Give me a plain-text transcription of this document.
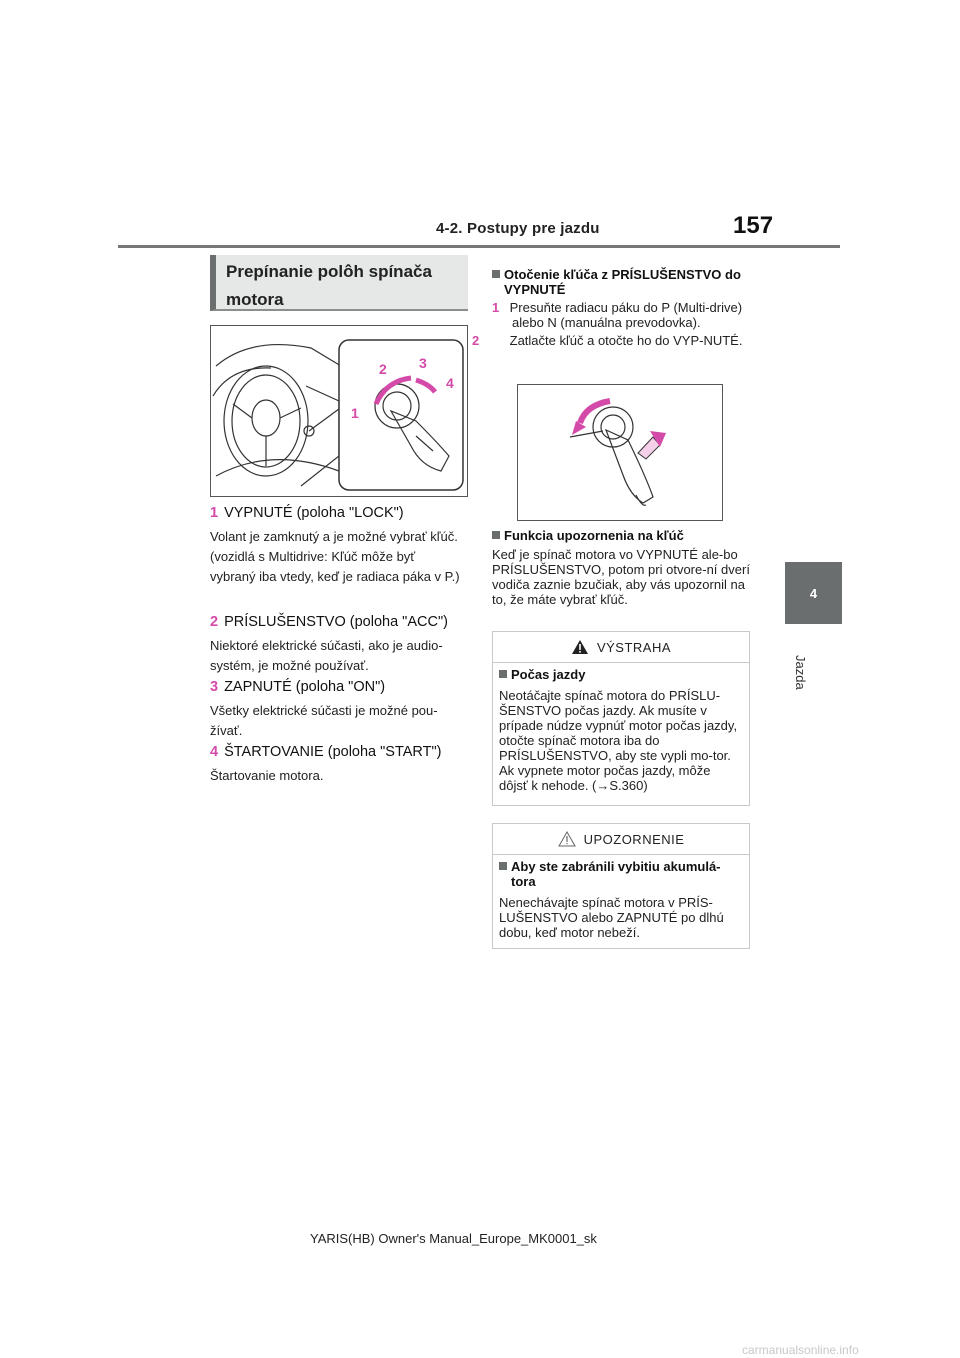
4-2. Postupy pre jazdu	157
4
Jazda
Prepínanie polôh spínača motora
1
2 3
4
1 VYPNUTÉ (poloha "LOCK")
Volant je zamknutý a je možné vybrať kľúč. (vozidlá s Multidrive: Kľúč môže byť vybraný iba vtedy, keď je radiaca páka v P.)
2 PRÍSLUŠENSTVO (poloha "ACC")
Niektoré elektrické súčasti, ako je audio-systém, je možné používať.
3 ZAPNUTÉ (poloha "ON")
Všetky elektrické súčasti je možné pou-žívať.
4 ŠTARTOVANIE (poloha "START")
Štartovanie motora.
Otočenie kľúča z PRÍSLUŠENSTVO do VYPNUTÉ
1 Presuňte radiacu páku do P (Multi-drive) alebo N (manuálna prevodovka).
2 Zatlačte kľúč a otočte ho do VYP-NUTÉ.
Funkcia upozornenia na kľúč
Keď je spínač motora vo VYPNUTÉ ale-bo PRÍSLUŠENSTVO, potom pri otvore-ní dverí vodiča zaznie bzučiak, aby vás upozornil na to, že máte vybrať kľúč.
VÝSTRAHA
Počas jazdy
Neotáčajte spínač motora do PRÍSLU-ŠENSTVO počas jazdy. Ak musíte v prípade núdze vypnúť motor počas jazdy, otočte spínač motora iba do PRÍSLUŠENSTVO, aby ste vypli mo-tor. Ak vypnete motor počas jazdy, môže dôjsť k nehode. (→S.360)
UPOZORNENIE
Aby ste zabránili vybitiu akumulá-tora
Nenechávajte spínač motora v PRÍS-LUŠENSTVO alebo ZAPNUTÉ po dlhú dobu, keď motor nebeží.
YARIS(HB) Owner's Manual_Europe_MK0001_sk
carmanualsonline.info
